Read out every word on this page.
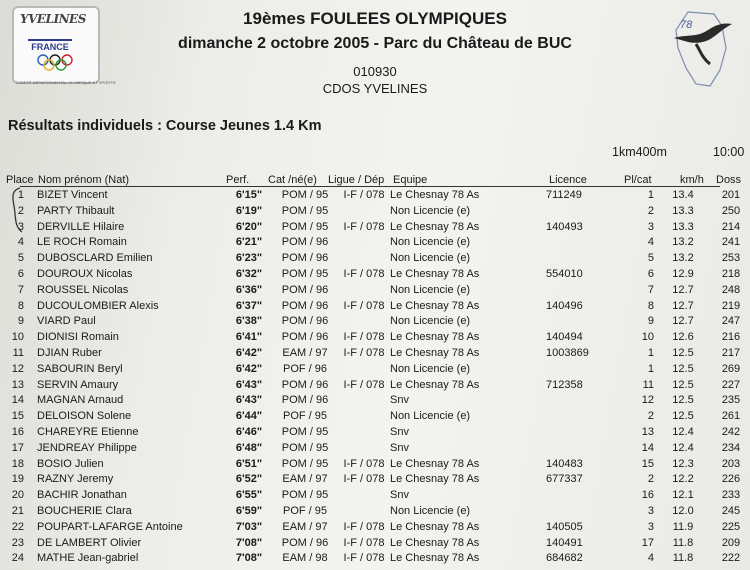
YVELINES
FRANCE
COMITÉ DÉPARTEMENTAL OLYMPIQUE ET SPORTIF
78
19èmes FOULEES OLYMPIQUES
dimanche 2 octobre 2005 - Parc du Château de BUC
010930
CDOS YVELINES
Résultats individuels : Course Jeunes 1.4 Km
1km400m	10:00
Place Nom prénom (Nat)	Perf. Cat /né(e) Ligue / Dép Equipe	Licence	Pl/cat	km/h Doss
1 BIZET Vincent	6'15"	POM / 95	I-F / 078 Le Chesnay 78 As	711249	1	13.4	201
2 PARTY Thibault	6'19"	POM / 95	Non Licencie (e)	2	13.3	250
3 DERVILLE Hilaire	6'20"	POM / 95	I-F / 078 Le Chesnay 78 As	140493	3	13.3	214
4 LE ROCH Romain	6'21"	POM / 96	Non Licencie (e)	4	13.2	241
5 DUBOSCLARD Emilien	6'23"	POM / 96	Non Licencie (e)	5	13.2	253
6 DOUROUX Nicolas	6'32"	POM / 95	I-F / 078 Le Chesnay 78 As	554010	6	12.9	218
7 ROUSSEL Nicolas	6'36"	POM / 96	Non Licencie (e)	7	12.7	248
8 DUCOULOMBIER Alexis	6'37"	POM / 96	I-F / 078 Le Chesnay 78 As	140496	8	12.7	219
9 VIARD Paul	6'38"	POM / 96	Non Licencie (e)	9	12.7	247
10 DIONISI Romain	6'41"	POM / 96	I-F / 078 Le Chesnay 78 As	140494	10	12.6	216
11 DJIAN Ruber	6'42"	EAM / 97	I-F / 078 Le Chesnay 78 As	1003869	1	12.5	217
12 SABOURIN Beryl	6'42"	POF / 96	Non Licencie (e)	1	12.5	269
13 SERVIN Amaury	6'43"	POM / 96	I-F / 078 Le Chesnay 78 As	712358	11	12.5	227
14 MAGNAN Arnaud	6'43"	POM / 96	Snv	12	12.5	235
15 DELOISON Solene	6'44"	POF / 95	Non Licencie (e)	2	12.5	261
16 CHAREYRE Etienne	6'46"	POM / 95	Snv	13	12.4	242
17 JENDREAY Philippe	6'48"	POM / 95	Snv	14	12.4	234
18 BOSIO Julien	6'51"	POM / 95	I-F / 078 Le Chesnay 78 As	140483	15	12.3	203
19 RAZNY Jeremy	6'52"	EAM / 97	I-F / 078 Le Chesnay 78 As	677337	2	12.2	226
20 BACHIR Jonathan	6'55"	POM / 95	Snv	16	12.1	233
21 BOUCHERIE Clara	6'59"	POF / 95	Non Licencie (e)	3	12.0	245
22 POUPART-LAFARGE Antoine	7'03"	EAM / 97	I-F / 078 Le Chesnay 78 As	140505	3	11.9	225
23 DE LAMBERT Olivier	7'08"	POM / 96	I-F / 078 Le Chesnay 78 As	140491	17	11.8	209
24 MATHE Jean-gabriel	7'08"	EAM / 98	I-F / 078 Le Chesnay 78 As	684682	4	11.8	222
